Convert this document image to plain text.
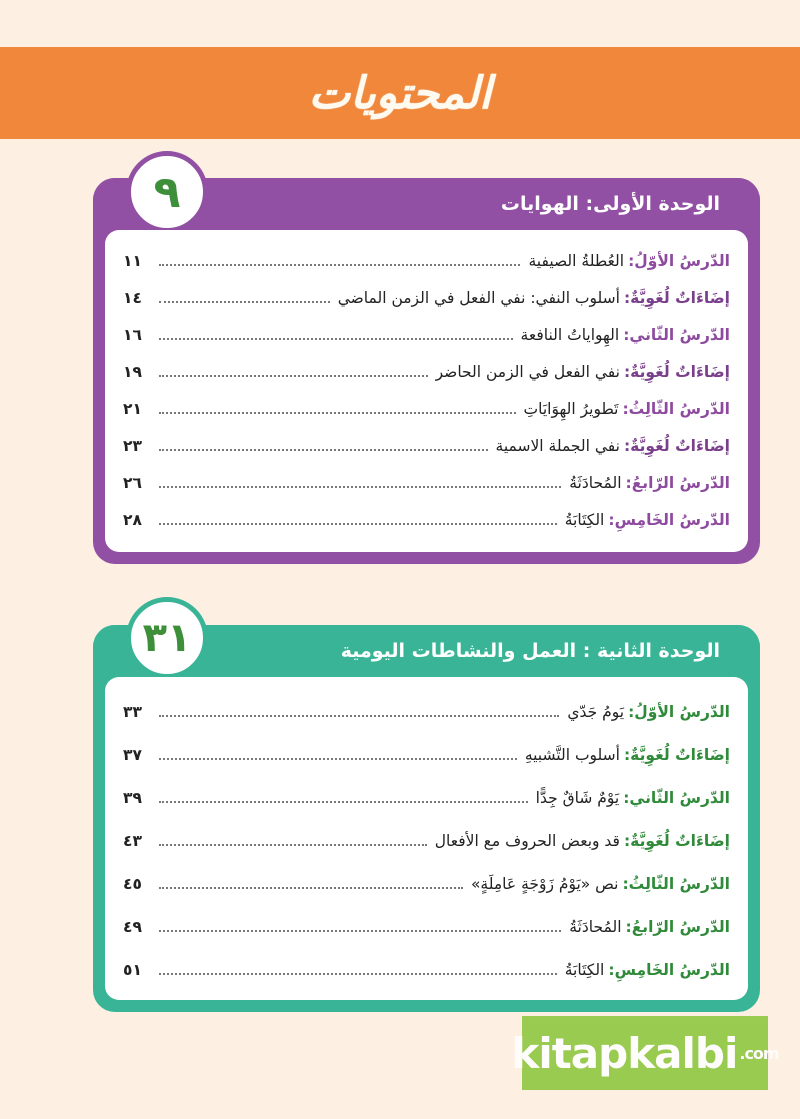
المحتويات
الوحدة الأولى: الهوايات
٩
الدّرسُ الأوّلُ:
العُطلةُ الصيفية
١١
إضَاءَاتٌ لُغَوِيَّةٌ:
أسلوب النفي: نفي الفعل في الزمن الماضي
١٤
الدّرسُ الثّاني:
الهِواياتُ النافعة
١٦
إضَاءَاتٌ لُغَوِيَّةٌ:
نفي الفعل في الزمن الحاضر
١٩
الدّرسُ الثّالِثُ:
تَطويرُ الهِوَايَاتِ
٢١
إضَاءَاتٌ لُغَوِيَّةٌ:
نفي الجملة الاسمية
٢٣
الدّرسُ الرّابعُ:
المُحادَثَةُ
٢٦
الدّرسُ الخَامِسِ:
الكِتَابَةُ
٢٨
الوحدة الثانية : العمل والنشاطات اليومية
٣١
الدّرسُ الأوّلُ:
يَومُ جَدّي
٣٣
إضَاءَاتٌ لُغَوِيَّةٌ:
أسلوب التَّشبيهِ
٣٧
الدّرسُ الثّاني:
يَوْمٌ شَاقٌ جِدًّا
٣٩
إضَاءَاتٌ لُغَوِيَّةٌ:
قد وبعض الحروف مع الأفعال
٤٣
الدّرسُ الثّالِثُ:
نص «يَوْمُ زَوْجَةٍ عَامِلَةٍ»
٤٥
الدّرسُ الرّابعُ:
المُحادَثَةُ
٤٩
الدّرسُ الخَامِسِ:
الكِتَابَةُ
٥١
kitapkalbi .com
